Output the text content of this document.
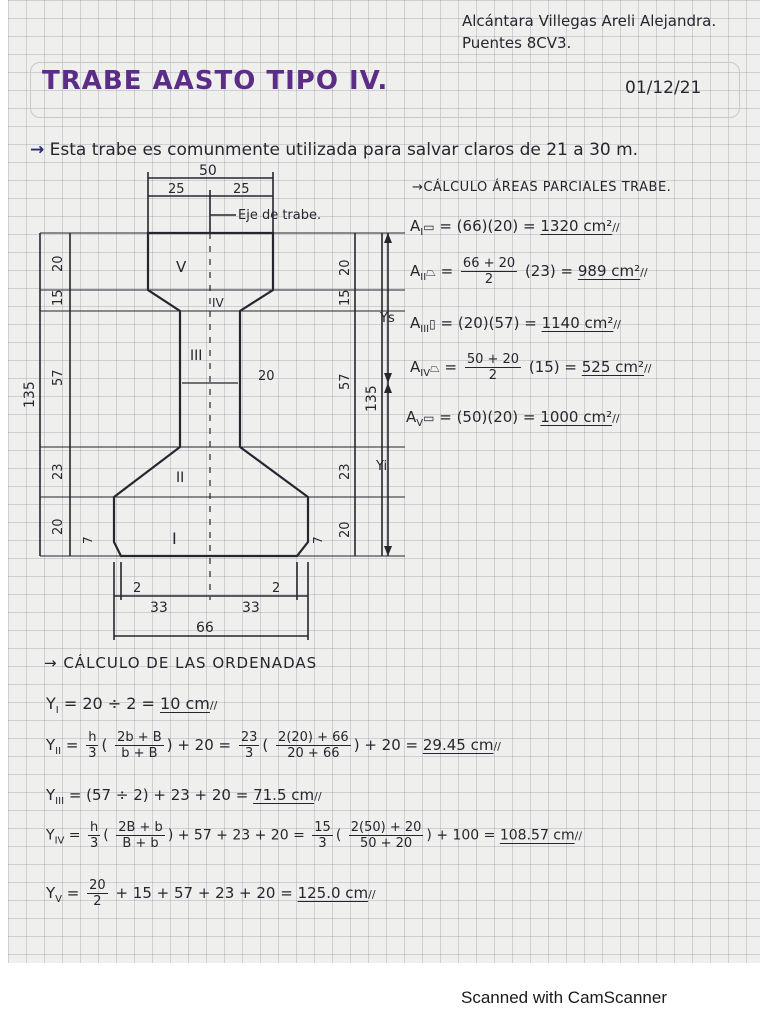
Alcántara Villegas Areli Alejandra.
Puentes 8CV3.
TRABE AASTO TIPO IV.	01/12/21
→ Esta trabe es comunmente utilizada para salvar claros de 21 a 30 m.
50
25	25
Eje de trabe.
V
IV
III
20
II
I
20
15
57
23
20
135
20
15
57
23
20
135
Ys
Yi
7	7
2	2
33	33
66
→CÁLCULO ÁREAS PARCIALES TRABE.
$A_I▭ = (66)(20) = 1320$ cm²//
$A_{II}⏢ = \frac{66 + 20}{2} (23) = 989$ cm²//
$A_{III}▯ = (20)(57) = 1140$ cm²//
$A_{IV}⏢ = \frac{50 + 20}{2} (15) = 525$ cm²//
$A_V▭ = (50)(20) = 1000$ cm²//
→ CÁLCULO DE LAS ORDENADAS
$Y_I = 20 \div 2 = 10$ cm//
$Y_{II} = \frac{h}{3}$ ( $\frac{2b + B}{b + B}$ ) + $20 = \frac{23}{3}$ ( $\frac{2(20) + 66}{20 + 66}$ ) + 20 = 29.45 cm//
$Y_{III} = (57 \div 2) + 23 + 20 = 71.5$ cm//
$Y_{IV} = \frac{h}{3}$ ( $\frac{2B + b}{B + b}$ ) + $57 + 23 + 20 = \frac{15}{3}$ ( $\frac{2(50) + 20}{50 + 20}$ ) + 100 = 108.57 cm//
$Y_V = \frac{20}{2} + 15 + 57 + 23 + 20 = 125.0$ cm//
Scanned with CamScanner
